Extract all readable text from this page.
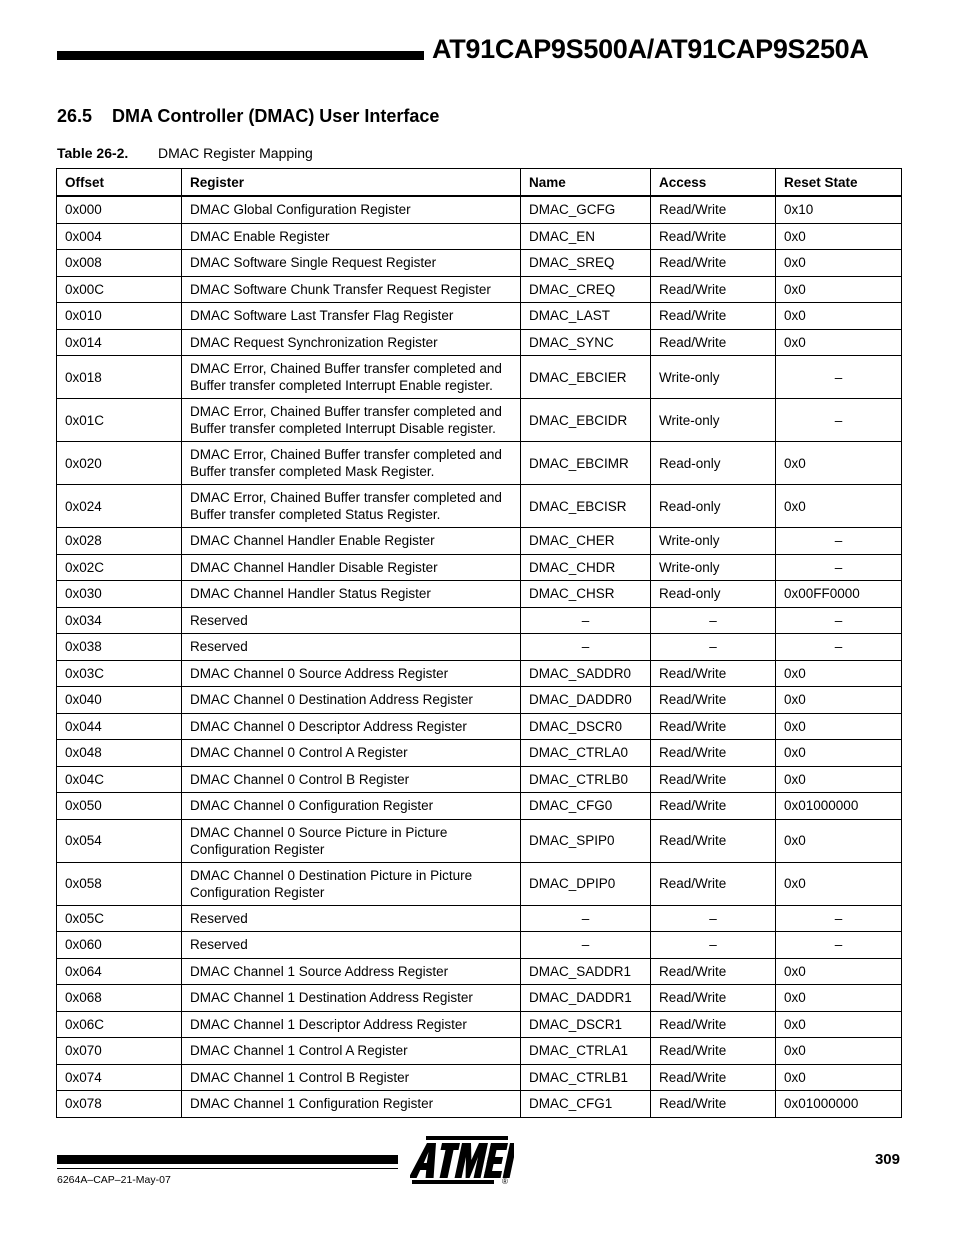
AT91CAP9S500A/AT91CAP9S250A
26.5 DMA Controller (DMAC) User Interface
Table 26-2. DMAC Register Mapping
Offset	Register	Name	Access	Reset State
0x000	DMAC Global Configuration Register	DMAC_GCFG	Read/Write	0x10
0x004	DMAC Enable Register	DMAC_EN	Read/Write	0x0
0x008	DMAC Software Single Request Register	DMAC_SREQ	Read/Write	0x0
0x00C	DMAC Software Chunk Transfer Request Register	DMAC_CREQ	Read/Write	0x0
0x010	DMAC Software Last Transfer Flag Register	DMAC_LAST	Read/Write	0x0
0x014	DMAC Request Synchronization Register	DMAC_SYNC	Read/Write	0x0
0x018	DMAC Error, Chained Buffer transfer completed and Buffer transfer completed Interrupt Enable register.	DMAC_EBCIER	Write-only	–
0x01C	DMAC Error, Chained Buffer transfer completed and Buffer transfer completed Interrupt Disable register.	DMAC_EBCIDR	Write-only	–
0x020	DMAC Error, Chained Buffer transfer completed and Buffer transfer completed Mask Register.	DMAC_EBCIMR	Read-only	0x0
0x024	DMAC Error, Chained Buffer transfer completed and Buffer transfer completed Status Register.	DMAC_EBCISR	Read-only	0x0
0x028	DMAC Channel Handler Enable Register	DMAC_CHER	Write-only	–
0x02C	DMAC Channel Handler Disable Register	DMAC_CHDR	Write-only	–
0x030	DMAC Channel Handler Status Register	DMAC_CHSR	Read-only	0x00FF0000
0x034	Reserved	–	–	–
0x038	Reserved	–	–	–
0x03C	DMAC Channel 0 Source Address Register	DMAC_SADDR0	Read/Write	0x0
0x040	DMAC Channel 0 Destination Address Register	DMAC_DADDR0	Read/Write	0x0
0x044	DMAC Channel 0 Descriptor Address Register	DMAC_DSCR0	Read/Write	0x0
0x048	DMAC Channel 0 Control A Register	DMAC_CTRLA0	Read/Write	0x0
0x04C	DMAC Channel 0 Control B Register	DMAC_CTRLB0	Read/Write	0x0
0x050	DMAC Channel 0 Configuration Register	DMAC_CFG0	Read/Write	0x01000000
0x054	DMAC Channel 0 Source Picture in Picture Configuration Register	DMAC_SPIP0	Read/Write	0x0
0x058	DMAC Channel 0 Destination Picture in Picture Configuration Register	DMAC_DPIP0	Read/Write	0x0
0x05C	Reserved	–	–	–
0x060	Reserved	–	–	–
0x064	DMAC Channel 1 Source Address Register	DMAC_SADDR1	Read/Write	0x0
0x068	DMAC Channel 1 Destination Address Register	DMAC_DADDR1	Read/Write	0x0
0x06C	DMAC Channel 1 Descriptor Address Register	DMAC_DSCR1	Read/Write	0x0
0x070	DMAC Channel 1 Control A Register	DMAC_CTRLA1	Read/Write	0x0
0x074	DMAC Channel 1 Control B Register	DMAC_CTRLB1	Read/Write	0x0
0x078	DMAC Channel 1 Configuration Register	DMAC_CFG1	Read/Write	0x01000000
®
309
6264A–CAP–21-May-07
